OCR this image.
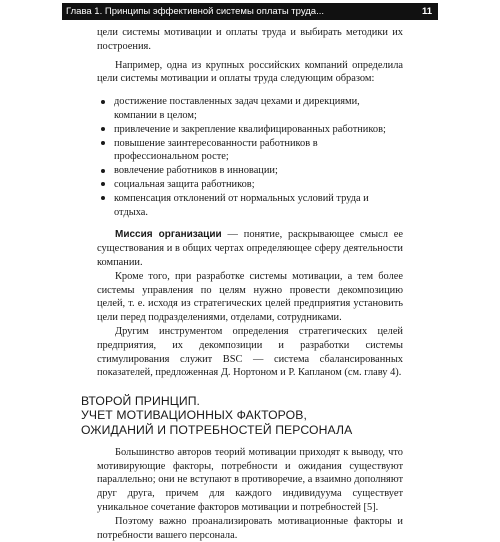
Глава 1. Принципы эффективной системы оплаты труда...	11

цели системы мотивации и оплаты труда и выбирать методики их построения.

Например, одна из крупных российских компаний определила цели системы мотивации и оплаты труда следующим образом:

достижение поставленных задач цехами и дирекциями, компании в целом;
привлечение и закрепление квалифицированных работников;
повышение заинтересованности работников в профессиональном росте;
вовлечение работников в инновации;
социальная защита работников;
компенсация отклонений от нормальных условий труда и отдыха.

Миссия организации — понятие, раскрывающее смысл ее существования и в общих чертах определяющее сферу деятельности компании.

Кроме того, при разработке системы мотивации, а тем более системы управления по целям нужно провести декомпозицию целей, т. е. исходя из стратегических целей предприятия установить цели перед подразделениями, отделами, сотрудниками.

Другим инструментом определения стратегических целей предприятия, их декомпозиции и разработки системы стимулирования служит BSC — система сбалансированных показателей, предложенная Д. Нортоном и Р. Капланом (см. главу 4).

ВТОРОЙ ПРИНЦИП.
УЧЕТ МОТИВАЦИОННЫХ ФАКТОРОВ,
ОЖИДАНИЙ И ПОТРЕБНОСТЕЙ ПЕРСОНАЛА

Большинство авторов теорий мотивации приходят к выводу, что мотивирующие факторы, потребности и ожидания существуют параллельно; они не вступают в противоречие, а взаимно дополняют друг друга, причем для каждого индивидуума существует уникальное сочетание факторов мотивации и потребностей [5].

Поэтому важно проанализировать мотивационные факторы и потребности вашего персонала.
